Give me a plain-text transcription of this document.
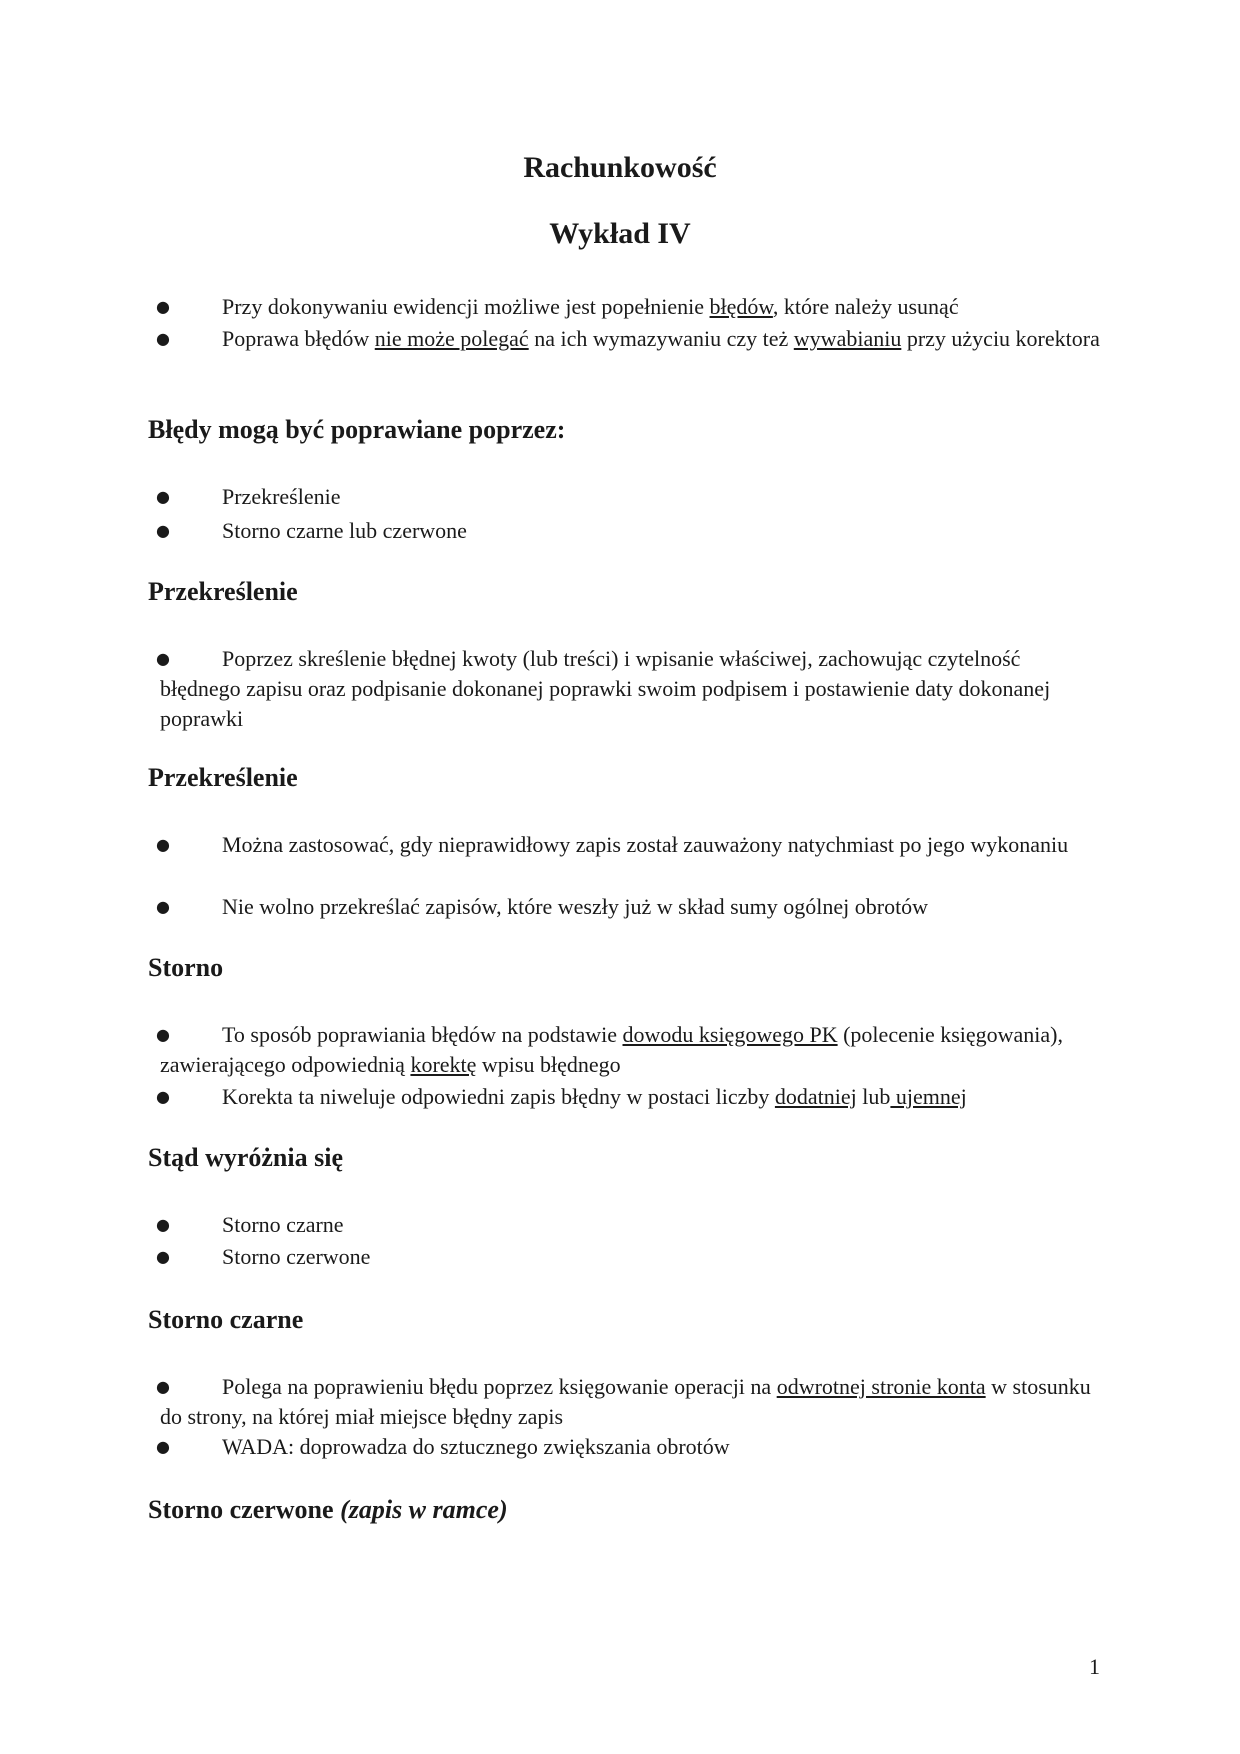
Rachunkowość
Wykład IV
● Przy dokonywaniu ewidencji możliwe jest popełnienie błędów, które należy usunąć
● Poprawa błędów nie może polegać na ich wymazywaniu czy też wywabianiu przy użyciu korektora
Błędy mogą być poprawiane poprzez:
● Przekreślenie
● Storno czarne lub czerwone
Przekreślenie
● Poprzez skreślenie błędnej kwoty (lub treści) i wpisanie właściwej, zachowując czytelność błędnego zapisu oraz podpisanie dokonanej poprawki swoim podpisem i postawienie daty dokonanej poprawki
Przekreślenie
● Można zastosować, gdy nieprawidłowy zapis został zauważony natychmiast po jego wykonaniu
● Nie wolno przekreślać zapisów, które weszły już w skład sumy ogólnej obrotów
Storno
● To sposób poprawiania błędów na podstawie dowodu księgowego PK (polecenie księgowania), zawierającego odpowiednią korektę wpisu błędnego
● Korekta ta niweluje odpowiedni zapis błędny w postaci liczby dodatniej lub ujemnej
Stąd wyróżnia się
● Storno czarne
● Storno czerwone
Storno czarne
● Polega na poprawieniu błędu poprzez księgowanie operacji na odwrotnej stronie konta w stosunku do strony, na której miał miejsce błędny zapis
● WADA: doprowadza do sztucznego zwiększania obrotów
Storno czerwone (zapis w ramce)
1
